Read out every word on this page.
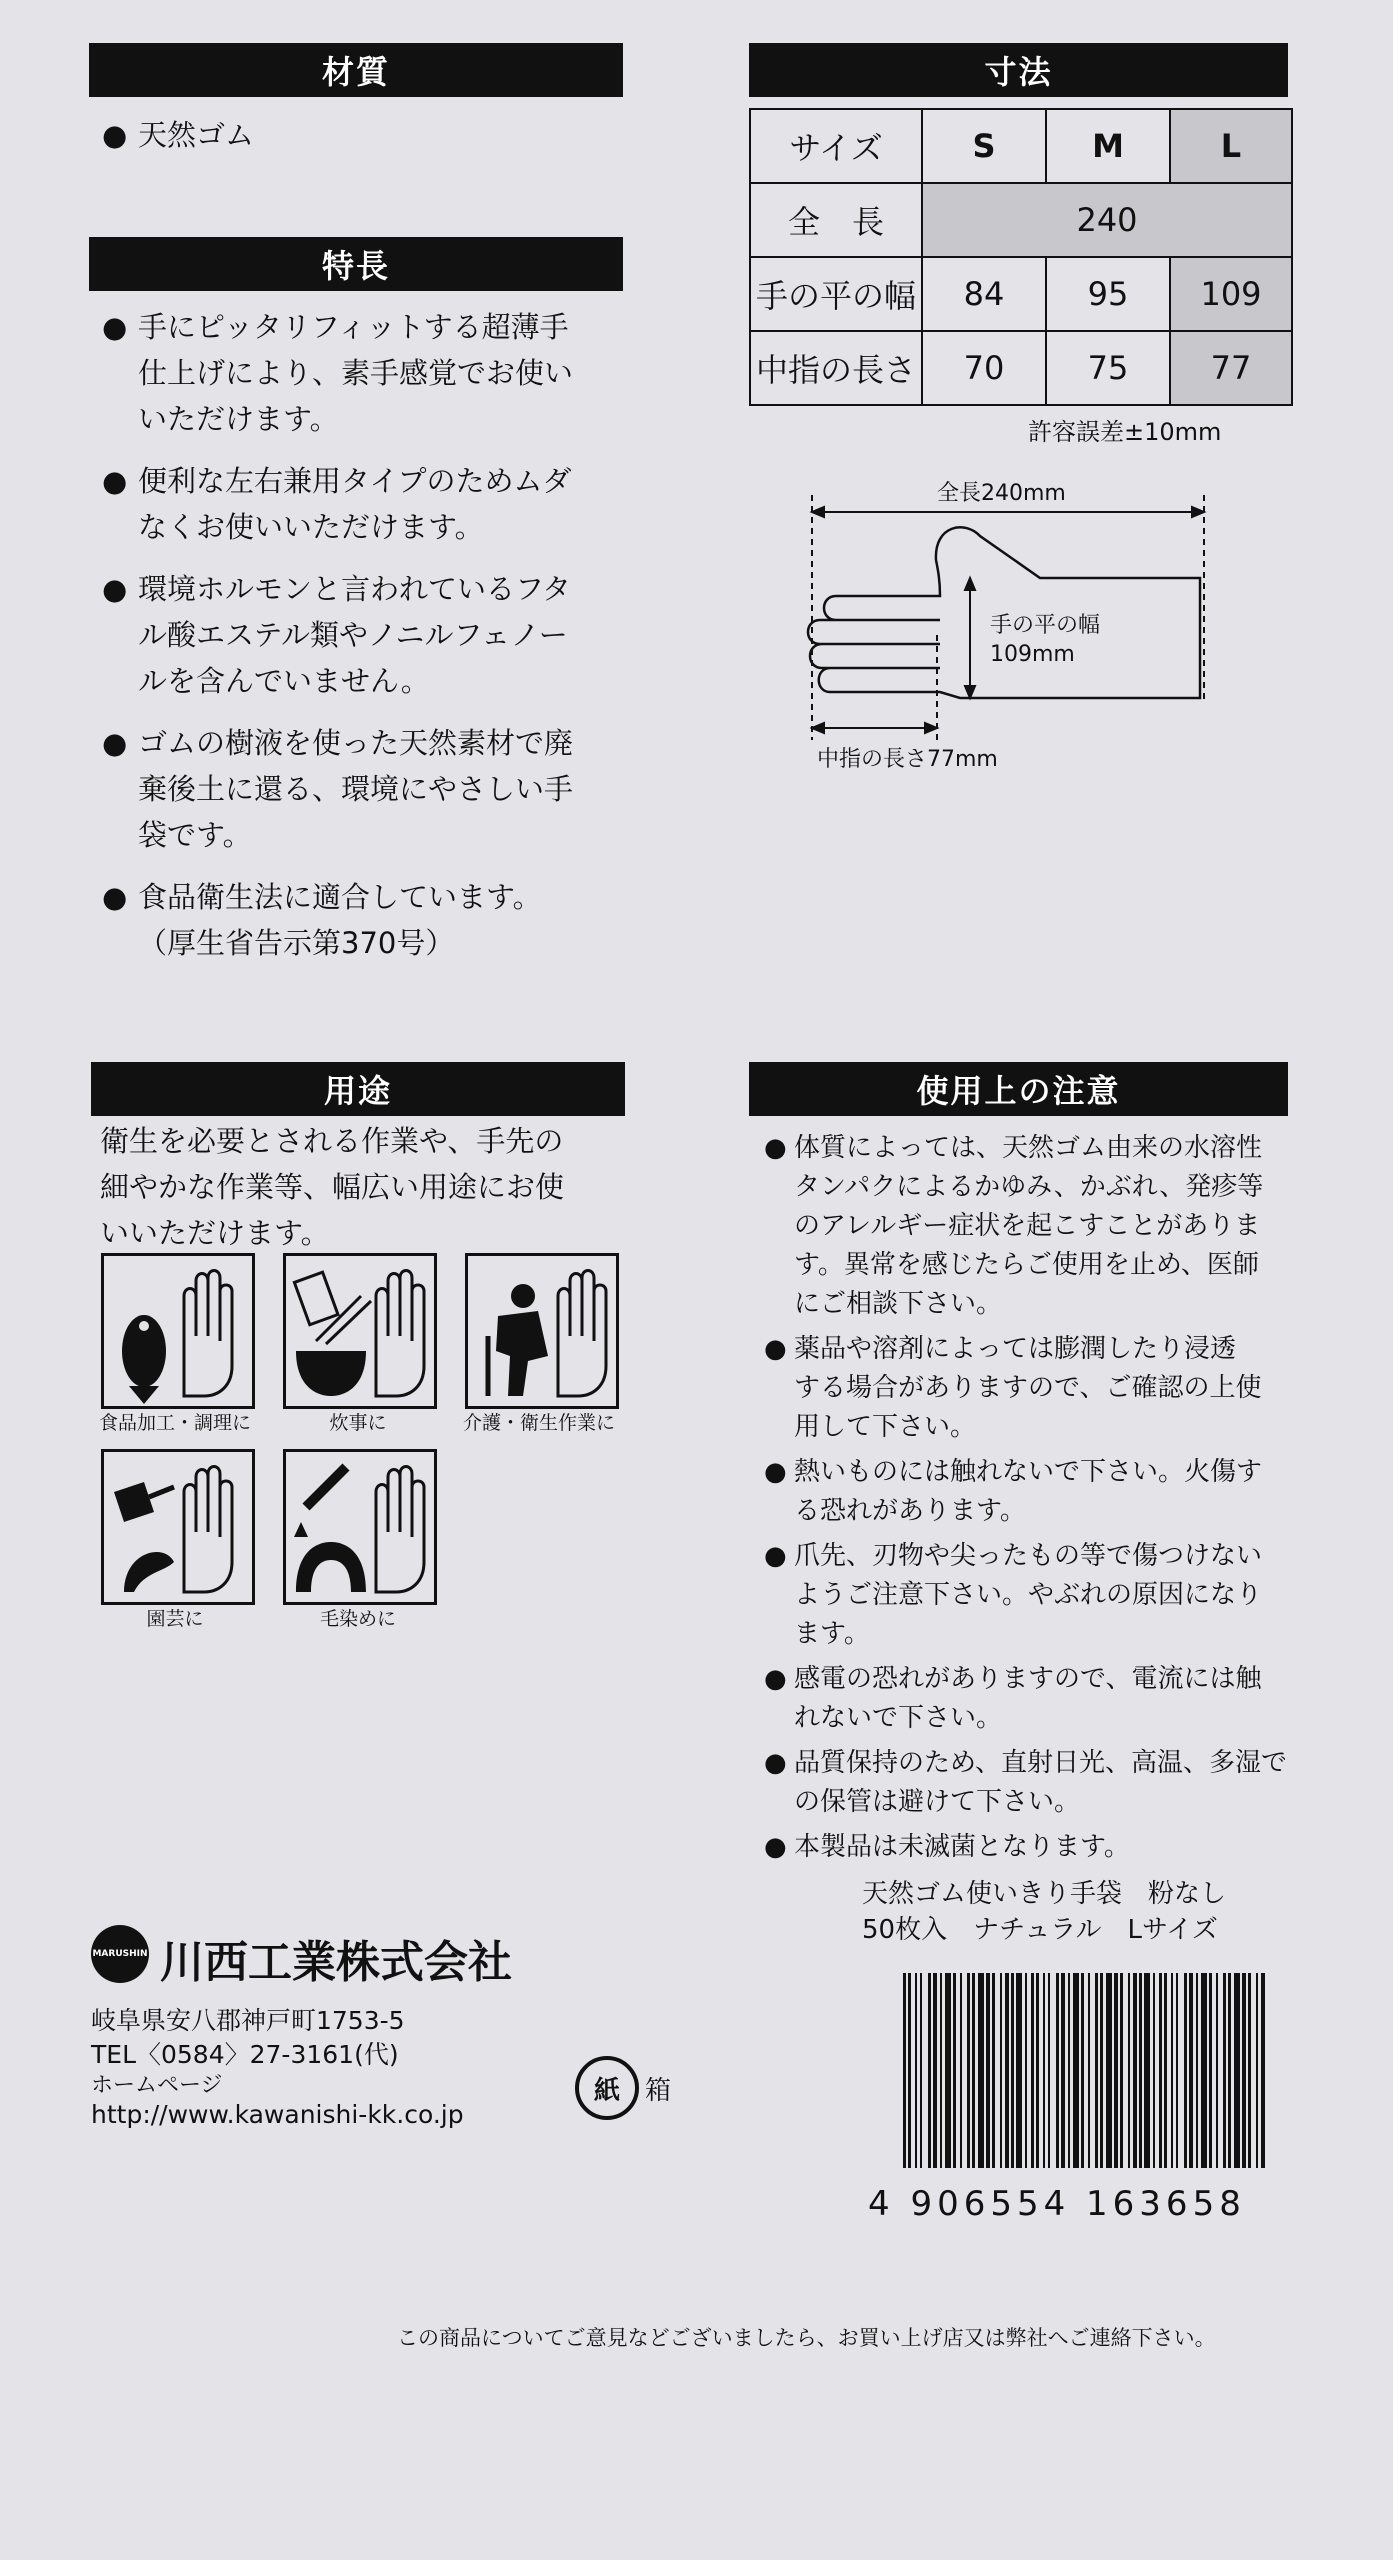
材質
● 天然ゴム
特長
● 手にピッタリフィットする超薄手
仕上げにより、素手感覚でお使い
いただけます。
● 便利な左右兼用タイプのためムダ
なくお使いいただけます。
● 環境ホルモンと言われているフタ
ル酸エステル類やノニルフェノー
ルを含んでいません。
● ゴムの樹液を使った天然素材で廃
棄後土に還る、環境にやさしい手
袋です。
● 食品衛生法に適合しています。
（厚生省告示第370号）
寸法
サイズ	S	M	L
全　長	240		
手の平の幅	84	95	109
中指の長さ	70	75	77
許容誤差±10mm
全長240mm
手の平の幅
109mm
中指の長さ77mm
用途
衛生を必要とされる作業や、手先の
細やかな作業等、幅広い用途にお使
いいただけます。
食品加工・調理に	炊事に	介護・衛生作業に
園芸に	毛染めに
使用上の注意
● 体質によっては、天然ゴム由来の水溶性
タンパクによるかゆみ、かぶれ、発疹等
のアレルギー症状を起こすことがありま
す。異常を感じたらご使用を止め、医師
にご相談下さい。
● 薬品や溶剤によっては膨潤したり浸透
する場合がありますので、ご確認の上使
用して下さい。
● 熱いものには触れないで下さい。火傷す
る恐れがあります。
● 爪先、刃物や尖ったもの等で傷つけない
ようご注意下さい。やぶれの原因になり
ます。
● 感電の恐れがありますので、電流には触
れないで下さい。
● 品質保持のため、直射日光、高温、多湿で
の保管は避けて下さい。
● 本製品は未滅菌となります。
天然ゴム使いきり手袋　粉なし
50枚入　ナチュラル　Lサイズ
4 906554 163658
MARUSHIN 川西工業株式会社
岐阜県安八郡神戸町1753-5
TEL〈0584〉27-3161(代)
ホームページ
http://www.kawanishi-kk.co.jp
紙 箱
この商品についてご意見などございましたら、お買い上げ店又は弊社へご連絡下さい。
